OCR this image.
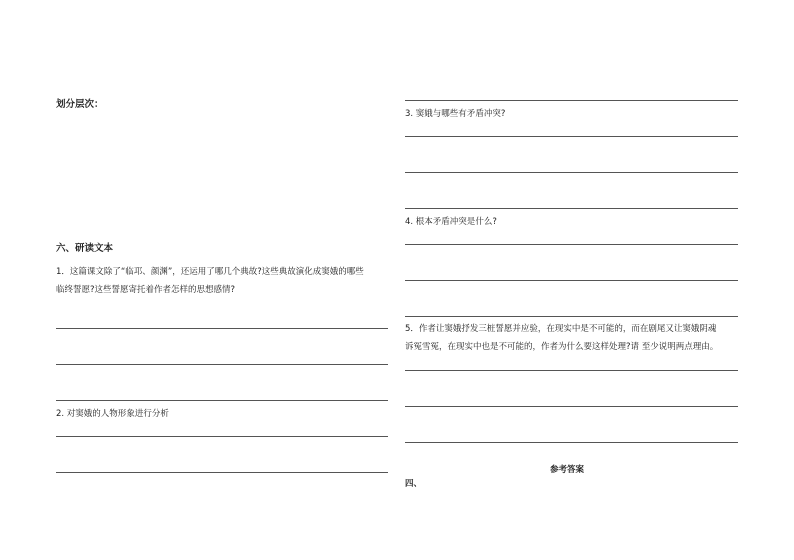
划分层次：
六、研读文本
1．这篇课文除了“临邛、颜渊”，还运用了哪几个典故?这些典故演化成窦娥的哪些
临终誓愿?这些誓愿寄托着作者怎样的思想感情?
2. 对窦娥的人物形象进行分析
3. 窦娥与哪些有矛盾冲突?
4. 根本矛盾冲突是什么?
5．作者让窦娥抒发三桩誓愿并应验，在现实中是不可能的，而在剧尾又让窦娥阴魂
诉冤雪冤，在现实中也是不可能的，作者为什么要这样处理?请 至少说明两点理由。
参考答案
四、
